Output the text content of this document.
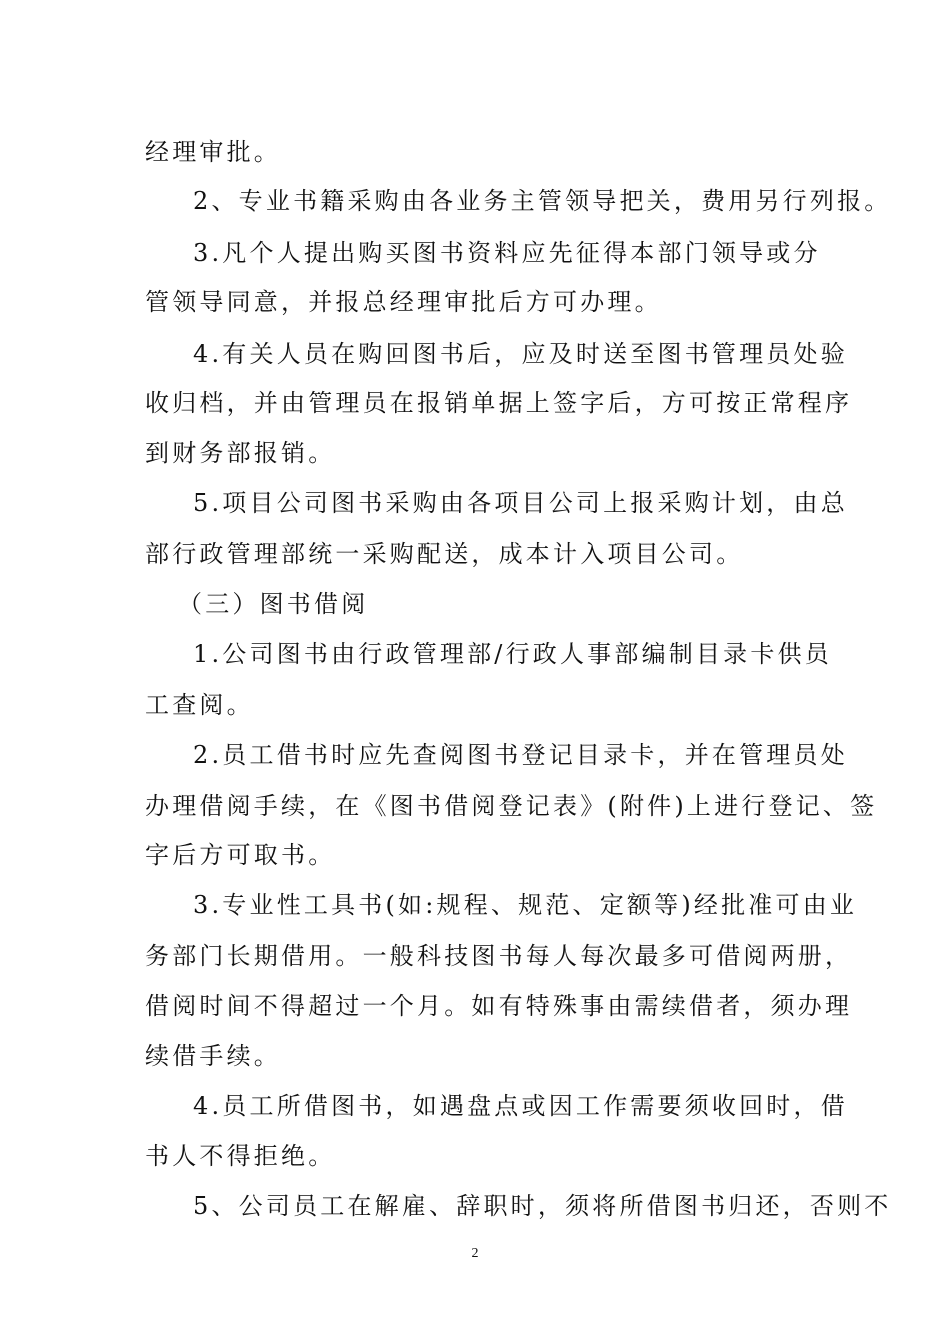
经理审批。
2、专业书籍采购由各业务主管领导把关，费用另行列报。
3.凡个人提出购买图书资料应先征得本部门领导或分
管领导同意，并报总经理审批后方可办理。
4.有关人员在购回图书后，应及时送至图书管理员处验
收归档，并由管理员在报销单据上签字后，方可按正常程序
到财务部报销。
5.项目公司图书采购由各项目公司上报采购计划，由总
部行政管理部统一采购配送，成本计入项目公司。
（三）图书借阅
1.公司图书由行政管理部/行政人事部编制目录卡供员
工查阅。
2.员工借书时应先查阅图书登记目录卡，并在管理员处
办理借阅手续，在《图书借阅登记表》(附件)上进行登记、签
字后方可取书。
3.专业性工具书(如:规程、规范、定额等)经批准可由业
务部门长期借用。一般科技图书每人每次最多可借阅两册，
借阅时间不得超过一个月。如有特殊事由需续借者，须办理
续借手续。
4.员工所借图书，如遇盘点或因工作需要须收回时，借
书人不得拒绝。
5、公司员工在解雇、辞职时，须将所借图书归还，否则不
2
